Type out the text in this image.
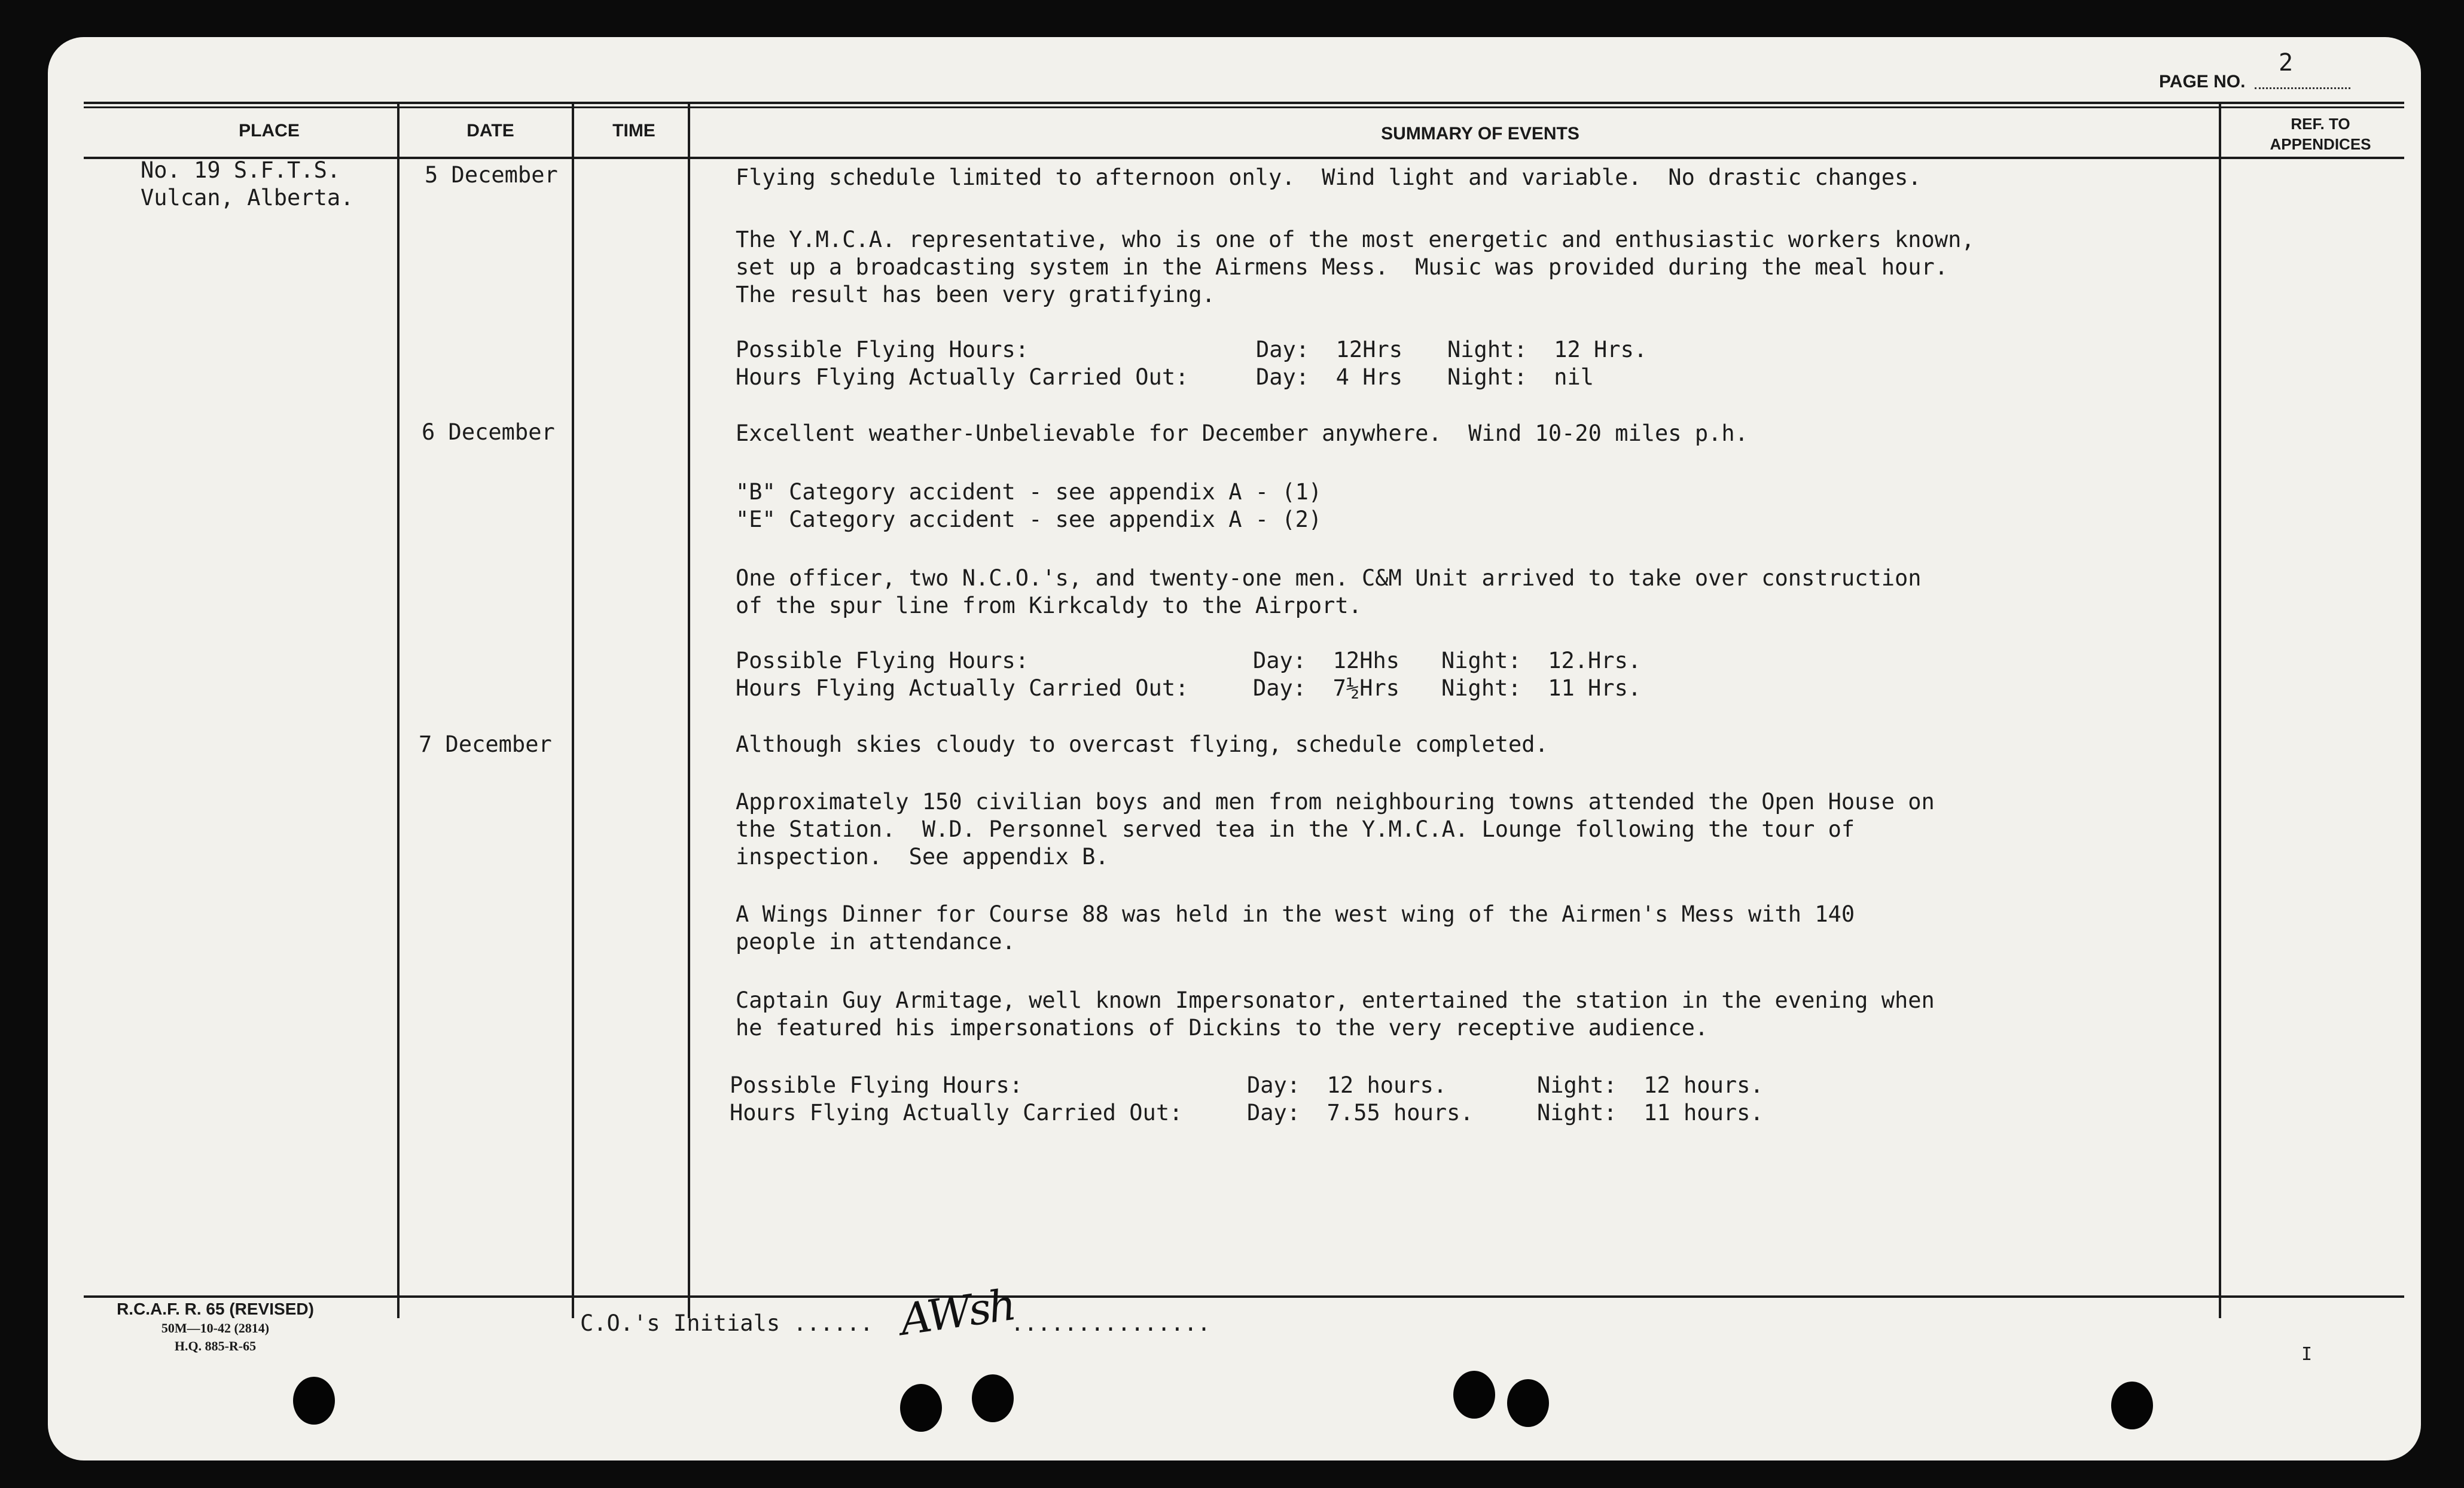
PAGE NO.
2
PLACE	DATE	TIME	SUMMARY OF EVENTS	REF. TO
APPENDICES
No. 19 S.F.T.S.
Vulcan, Alberta.
5 December	Flying schedule limited to afternoon only.  Wind light and variable.  No drastic changes.
The Y.M.C.A. representative, who is one of the most energetic and enthusiastic workers known,
set up a broadcasting system in the Airmens Mess.  Music was provided during the meal hour.
The result has been very gratifying.
Possible Flying Hours:	Day:  12Hrs Night:  12 Hrs.
Hours Flying Actually Carried Out:	Day:  4 Hrs Night:  nil
6 December	Excellent weather-Unbelievable for December anywhere.  Wind 10-20 miles p.h.
"B" Category accident - see appendix A - (1)
"E" Category accident - see appendix A - (2)
One officer, two N.C.O.'s, and twenty-one men. C&M Unit arrived to take over construction
of the spur line from Kirkcaldy to the Airport.
Possible Flying Hours:	Day:  12Hhs Night:  12.Hrs.
Hours Flying Actually Carried Out:	Day:  7½Hrs Night:  11 Hrs.
7 December	Although skies cloudy to overcast flying, schedule completed.
Approximately 150 civilian boys and men from neighbouring towns attended the Open House on
the Station.  W.D. Personnel served tea in the Y.M.C.A. Lounge following the tour of
inspection.  See appendix B.
A Wings Dinner for Course 88 was held in the west wing of the Airmen's Mess with 140
people in attendance.
Captain Guy Armitage, well known Impersonator, entertained the station in the evening when
he featured his impersonations of Dickins to the very receptive audience.
Possible Flying Hours:	Day:  12 hours.	Night:  12 hours.
Hours Flying Actually Carried Out:	Day:  7.55 hours.	Night:  11 hours.
R.C.A.F. R. 65 (REVISED)
50M—10-42 (2814)
H.Q. 885-R-65
C.O.'s Initials ...... AWsh
...............
I
